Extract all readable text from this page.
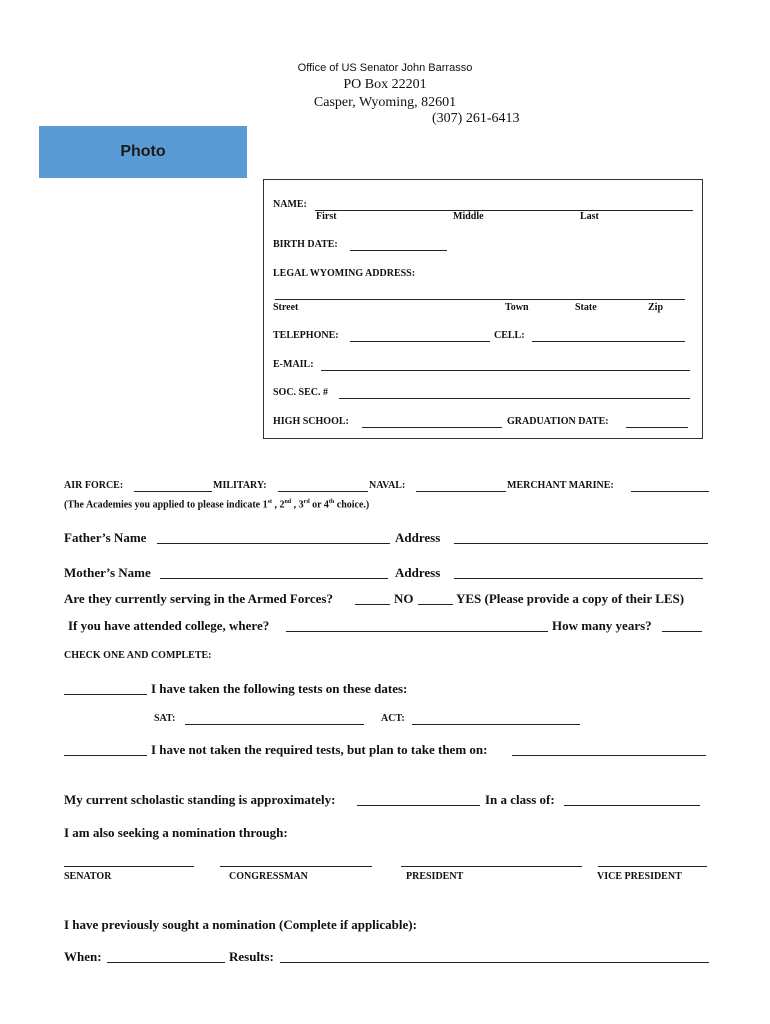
Office of US Senator John Barrasso
PO Box 22201
Casper, Wyoming, 82601
(307) 261-6413
Photo
NAME:
First	Middle	Last
BIRTH DATE:
LEGAL WYOMING ADDRESS:
Street	Town	State	Zip
TELEPHONE:	CELL:
E-MAIL:
SOC. SEC. #
HIGH SCHOOL:	GRADUATION DATE:
AIR FORCE:	MILITARY:	NAVAL:	MERCHANT MARINE:
(The Academies you applied to please indicate 1st , 2nd , 3rd or 4th choice.)
Father’s Name	Address
Mother’s Name	Address
Are they currently serving in the Armed Forces?	NO	YES (Please provide a copy of their LES)
If you have attended college, where?	How many years?
CHECK ONE AND COMPLETE:
I have taken the following tests on these dates:
SAT:	ACT:
I have not taken the required tests, but plan to take them on:
My current scholastic standing is approximately:	In a class of:
I am also seeking a nomination through:
SENATOR	CONGRESSMAN	PRESIDENT	VICE PRESIDENT
I have previously sought a nomination (Complete if applicable):
When:	Results:
